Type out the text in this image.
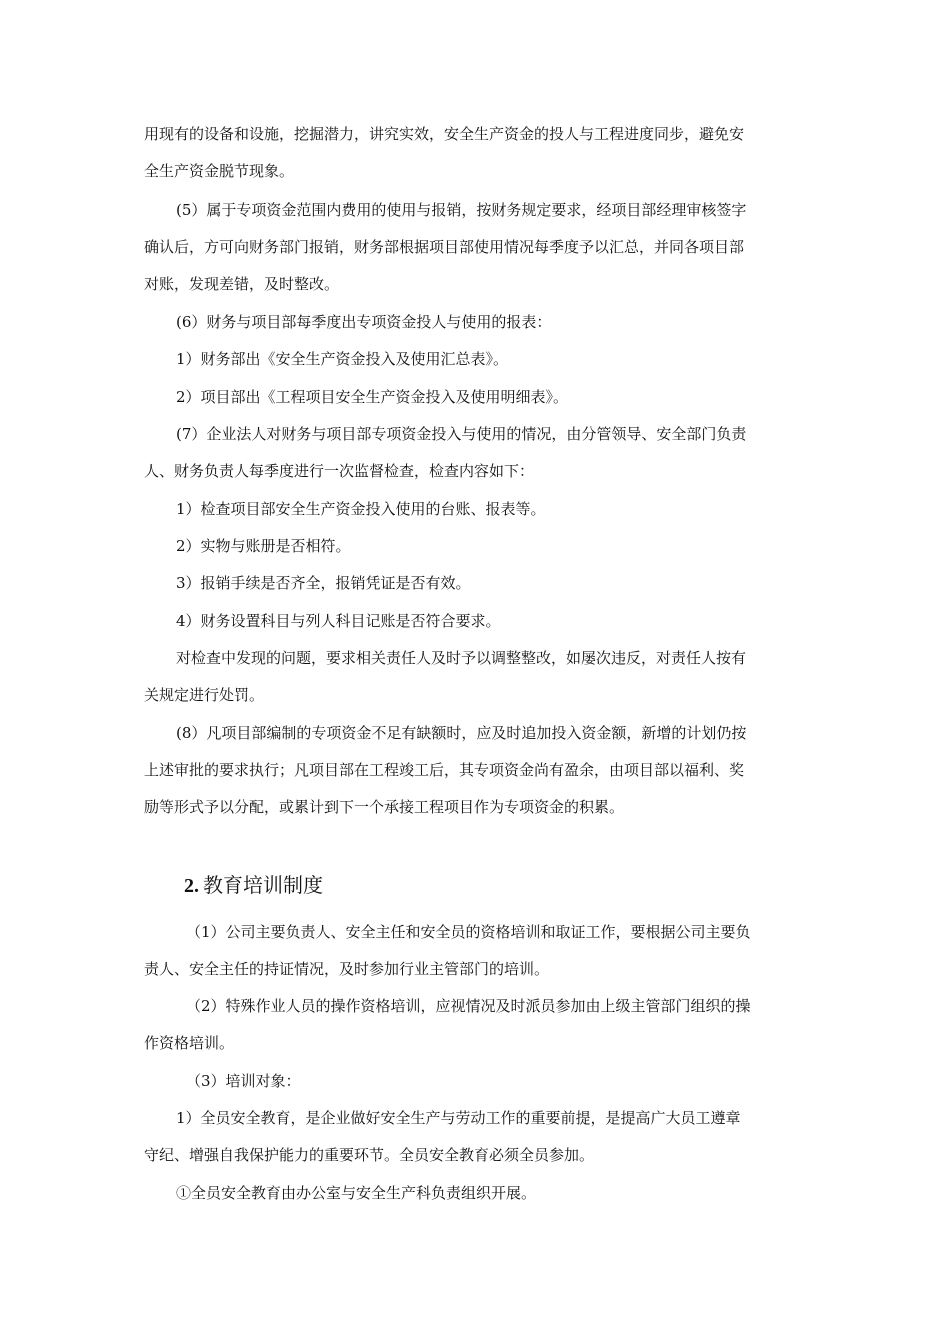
用现有的设备和设施，挖掘潜力，讲究实效，安全生产资金的投人与工程进度同步，避免安
全生产资金脱节现象。
(5）属于专项资金范围内费用的使用与报销，按财务规定要求，经项目部经理审核签字
确认后，方可向财务部门报销，财务部根据项目部使用情况每季度予以汇总，并同各项目部
对账，发现差错，及时整改。
(6）财务与项目部每季度出专项资金投人与使用的报表：
1）财务部出《安全生产资金投入及使用汇总表》。
2）项目部出《工程项目安全生产资金投入及使用明细表》。
(7）企业法人对财务与项目部专项资金投入与使用的情况，由分管领导、安全部门负责
人、财务负责人每季度进行一次监督检查，检查内容如下：
1）检查项目部安全生产资金投入使用的台账、报表等。
2）实物与账册是否相符。
3）报销手续是否齐全，报销凭证是否有效。
4）财务设置科目与列人科目记账是否符合要求。
对检查中发现的问题，要求相关责任人及时予以调整整改，如屡次违反，对责任人按有
关规定进行处罚。
(8）凡项目部编制的专项资金不足有缺额时，应及时追加投入资金额，新增的计划仍按
上述审批的要求执行；凡项目部在工程竣工后，其专项资金尚有盈余，由项目部以福利、奖
励等形式予以分配，或累计到下一个承接工程项目作为专项资金的积累。
2. 教育培训制度
（1）公司主要负责人、安全主任和安全员的资格培训和取证工作，要根据公司主要负
责人、安全主任的持证情况，及时参加行业主管部门的培训。
（2）特殊作业人员的操作资格培训，应视情况及时派员参加由上级主管部门组织的操
作资格培训。
（3）培训对象：
1）全员安全教育，是企业做好安全生产与劳动工作的重要前提，是提高广大员工遵章
守纪、增强自我保护能力的重要环节。全员安全教育必须全员参加。
①全员安全教育由办公室与安全生产科负责组织开展。
